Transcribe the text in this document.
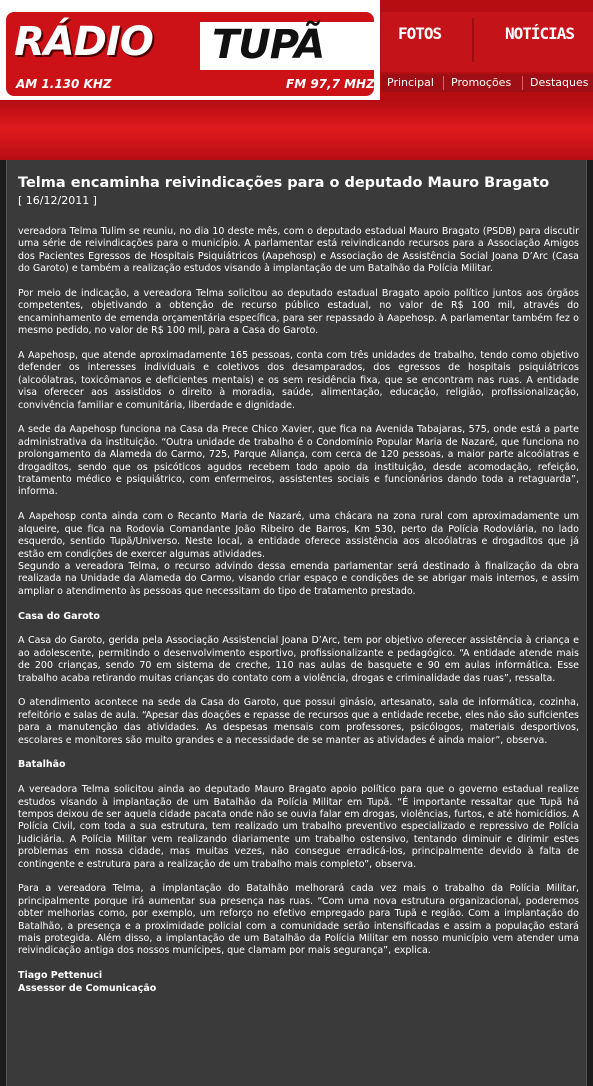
RÁDIO TUPÃ
AM 1.130 KHZ	FM 97,7 MHZ
FOTOS	NOTÍCIAS
Principal Promoções Destaques
Telma encaminha reivindicações para o deputado Mauro Bragato
[ 16/12/2011 ]

vereadora Telma Tulim se reuniu, no dia 10 deste mês, com o deputado estadual Mauro Bragato (PSDB) para discutir uma série de reivindicações para o município. A parlamentar está reivindicando recursos para a Associação Amigos dos Pacientes Egressos de Hospitais Psiquiátricos (Aapehosp) e Associação de Assistência Social Joana D’Arc (Casa do Garoto) e também a realização estudos visando à implantação de um Batalhão da Polícia Militar.

Por meio de indicação, a vereadora Telma solicitou ao deputado estadual Bragato apoio político juntos aos órgãos competentes, objetivando a obtenção de recurso público estadual, no valor de R$ 100 mil, através do encaminhamento de emenda orçamentária específica, para ser repassado à Aapehosp. A parlamentar também fez o mesmo pedido, no valor de R$ 100 mil, para a Casa do Garoto.

A Aapehosp, que atende aproximadamente 165 pessoas, conta com três unidades de trabalho, tendo como objetivo defender os interesses individuais e coletivos dos desamparados, dos egressos de hospitais psiquiátricos (alcoólatras, toxicômanos e deficientes mentais) e os sem residência fixa, que se encontram nas ruas. A entidade visa oferecer aos assistidos o direito à moradia, saúde, alimentação, educação, religião, profissionalização, convivência familiar e comunitária, liberdade e dignidade.

A sede da Aapehosp funciona na Casa da Prece Chico Xavier, que fica na Avenida Tabajaras, 575, onde está a parte administrativa da instituição. “Outra unidade de trabalho é o Condomínio Popular Maria de Nazaré, que funciona no prolongamento da Alameda do Carmo, 725, Parque Aliança, com cerca de 120 pessoas, a maior parte alcoólatras e drogaditos, sendo que os psicóticos agudos recebem todo apoio da instituição, desde acomodação, refeição, tratamento médico e psiquiátrico, com enfermeiros, assistentes sociais e funcionários dando toda a retaguarda”, informa.

A Aapehosp conta ainda com o Recanto Maria de Nazaré, uma chácara na zona rural com aproximadamente um alqueire, que fica na Rodovia Comandante João Ribeiro de Barros, Km 530, perto da Polícia Rodoviária, no lado esquerdo, sentido Tupã/Universo. Neste local, a entidade oferece assistência aos alcoólatras e drogaditos que já estão em condições de exercer algumas atividades.

Segundo a vereadora Telma, o recurso advindo dessa emenda parlamentar será destinado à finalização da obra realizada na Unidade da Alameda do Carmo, visando criar espaço e condições de se abrigar mais internos, e assim ampliar o atendimento às pessoas que necessitam do tipo de tratamento prestado.

Casa do Garoto

A Casa do Garoto, gerida pela Associação Assistencial Joana D’Arc, tem por objetivo oferecer assistência à criança e ao adolescente, permitindo o desenvolvimento esportivo, profissionalizante e pedagógico. “A entidade atende mais de 200 crianças, sendo 70 em sistema de creche, 110 nas aulas de basquete e 90 em aulas informática. Esse trabalho acaba retirando muitas crianças do contato com a violência, drogas e criminalidade das ruas”, ressalta.

O atendimento acontece na sede da Casa do Garoto, que possui ginásio, artesanato, sala de informática, cozinha, refeitório e salas de aula. “Apesar das doações e repasse de recursos que a entidade recebe, eles não são suficientes para a manutenção das atividades. As despesas mensais com professores, psicólogos, materiais desportivos, escolares e monitores são muito grandes e a necessidade de se manter as atividades é ainda maior”, observa.

Batalhão

A vereadora Telma solicitou ainda ao deputado Mauro Bragato apoio político para que o governo estadual realize estudos visando à implantação de um Batalhão da Polícia Militar em Tupã. “É importante ressaltar que Tupã há tempos deixou de ser aquela cidade pacata onde não se ouvia falar em drogas, violências, furtos, e até homicídios. A Polícia Civil, com toda a sua estrutura, tem realizado um trabalho preventivo especializado e repressivo de Polícia Judiciária. A Polícia Militar vem realizando diariamente um trabalho ostensivo, tentando diminuir e dirimir estes problemas em nossa cidade, mas muitas vezes, não consegue erradicá-los, principalmente devido à falta de contingente e estrutura para a realização de um trabalho mais completo”, observa.

Para a vereadora Telma, a implantação do Batalhão melhorará cada vez mais o trabalho da Polícia Militar, principalmente porque irá aumentar sua presença nas ruas. “Com uma nova estrutura organizacional, poderemos obter melhorias como, por exemplo, um reforço no efetivo empregado para Tupã e região. Com a implantação do Batalhão, a presença e a proximidade policial com a comunidade serão intensificadas e assim a população estará mais protegida. Além disso, a implantação de um Batalhão da Polícia Militar em nosso município vem atender uma reivindicação antiga dos nossos munícipes, que clamam por mais segurança”, explica.

Tiago Pettenuci
Assessor de Comunicação
